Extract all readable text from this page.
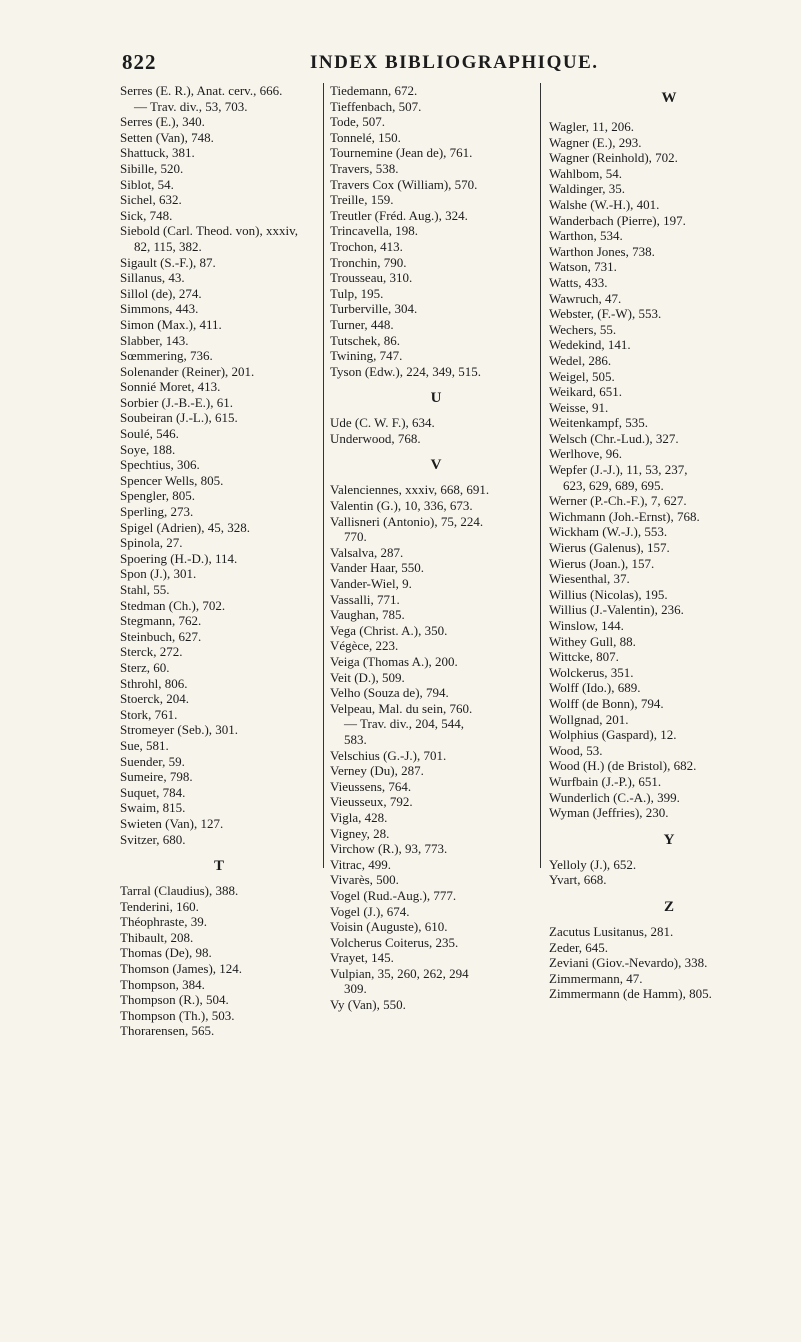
822	INDEX BIBLIOGRAPHIQUE.
Serres (E. R.), Anat. cerv., 666.
— Trav. div., 53, 703.
Serres (E.), 340.
Setten (Van), 748.
Shattuck, 381.
Sibille, 520.
Siblot, 54.
Sichel, 632.
Sick, 748.
Siebold (Carl. Theod. von), xxxiv,
82, 115, 382.
Sigault (S.-F.), 87.
Sillanus, 43.
Sillol (de), 274.
Simmons, 443.
Simon (Max.), 411.
Slabber, 143.
Sœmmering, 736.
Solenander (Reiner), 201.
Sonnié Moret, 413.
Sorbier (J.-B.-E.), 61.
Soubeiran (J.-L.), 615.
Soulé, 546.
Soye, 188.
Spechtius, 306.
Spencer Wells, 805.
Spengler, 805.
Sperling, 273.
Spigel (Adrien), 45, 328.
Spinola, 27.
Spoering (H.-D.), 114.
Spon (J.), 301.
Stahl, 55.
Stedman (Ch.), 702.
Stegmann, 762.
Steinbuch, 627.
Sterck, 272.
Sterz, 60.
Sthrohl, 806.
Stoerck, 204.
Stork, 761.
Stromeyer (Seb.), 301.
Sue, 581.
Suender, 59.
Sumeire, 798.
Suquet, 784.
Swaim, 815.
Swieten (Van), 127.
Svitzer, 680.
T
Tarral (Claudius), 388.
Tenderini, 160.
Théophraste, 39.
Thibault, 208.
Thomas (De), 98.
Thomson (James), 124.
Thompson, 384.
Thompson (R.), 504.
Thompson (Th.), 503.
Thorarensen, 565.
Tiedemann, 672.
Tieffenbach, 507.
Tode, 507.
Tonnelé, 150.
Tournemine (Jean de), 761.
Travers, 538.
Travers Cox (William), 570.
Treille, 159.
Treutler (Fréd. Aug.), 324.
Trincavella, 198.
Trochon, 413.
Tronchin, 790.
Trousseau, 310.
Tulp, 195.
Turberville, 304.
Turner, 448.
Tutschek, 86.
Twining, 747.
Tyson (Edw.), 224, 349, 515.
U
Ude (C. W. F.), 634.
Underwood, 768.
V
Valenciennes, xxxiv, 668, 691.
Valentin (G.), 10, 336, 673.
Vallisneri (Antonio), 75, 224.
770.
Valsalva, 287.
Vander Haar, 550.
Vander-Wiel, 9.
Vassalli, 771.
Vaughan, 785.
Vega (Christ. A.), 350.
Végèce, 223.
Veiga (Thomas A.), 200.
Veit (D.), 509.
Velho (Souza de), 794.
Velpeau, Mal. du sein, 760.
— Trav. div., 204, 544,
583.
Velschius (G.-J.), 701.
Verney (Du), 287.
Vieussens, 764.
Vieusseux, 792.
Vigla, 428.
Vigney, 28.
Virchow (R.), 93, 773.
Vitrac, 499.
Vivarès, 500.
Vogel (Rud.-Aug.), 777.
Vogel (J.), 674.
Voisin (Auguste), 610.
Volcherus Coiterus, 235.
Vrayet, 145.
Vulpian, 35, 260, 262, 294
309.
Vy (Van), 550.
W
Wagler, 11, 206.
Wagner (E.), 293.
Wagner (Reinhold), 702.
Wahlbom, 54.
Waldinger, 35.
Walshe (W.-H.), 401.
Wanderbach (Pierre), 197.
Warthon, 534.
Warthon Jones, 738.
Watson, 731.
Watts, 433.
Wawruch, 47.
Webster, (F.-W), 553.
Wechers, 55.
Wedekind, 141.
Wedel, 286.
Weigel, 505.
Weikard, 651.
Weisse, 91.
Weitenkampf, 535.
Welsch (Chr.-Lud.), 327.
Werlhove, 96.
Wepfer (J.-J.), 11, 53, 237,
623, 629, 689, 695.
Werner (P.-Ch.-F.), 7, 627.
Wichmann (Joh.-Ernst), 768.
Wickham (W.-J.), 553.
Wierus (Galenus), 157.
Wierus (Joan.), 157.
Wiesenthal, 37.
Willius (Nicolas), 195.
Willius (J.-Valentin), 236.
Winslow, 144.
Withey Gull, 88.
Wittcke, 807.
Wolckerus, 351.
Wolff (Ido.), 689.
Wolff (de Bonn), 794.
Wollgnad, 201.
Wolphius (Gaspard), 12.
Wood, 53.
Wood (H.) (de Bristol), 682.
Wurfbain (J.-P.), 651.
Wunderlich (C.-A.), 399.
Wyman (Jeffries), 230.
Y
Yelloly (J.), 652.
Yvart, 668.
Z
Zacutus Lusitanus, 281.
Zeder, 645.
Zeviani (Giov.-Nevardo), 338.
Zimmermann, 47.
Zimmermann (de Hamm), 805.
